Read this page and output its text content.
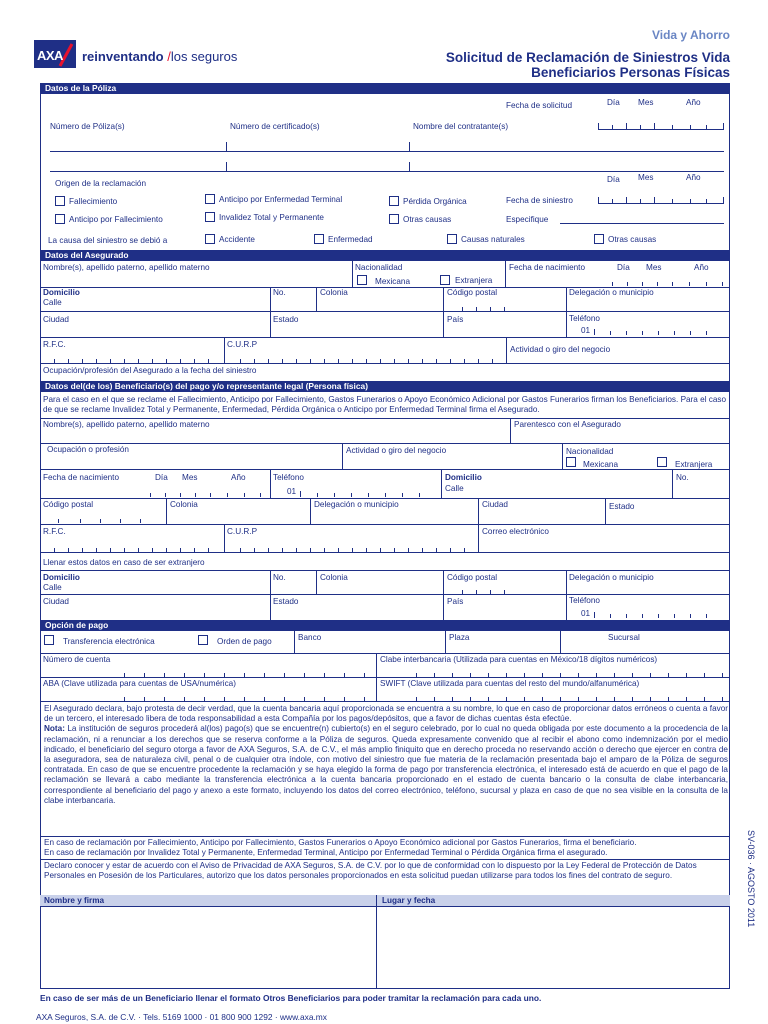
AXA reinventando /los seguros
Vida y Ahorro
Solicitud de Reclamación de Siniestros Vida
Beneficiarios Personas Físicas
Datos de la Póliza
Fecha de solicitud	Día Mes	Año
Número de Póliza(s)	Número de certificado(s)	Nombre del contratante(s)
Origen de la reclamación	Día Mes	Año
Fallecimiento
Anticipo por Fallecimiento
Anticipo por Enfermedad Terminal
Invalidez Total y Permanente
Pérdida Orgánica
Otras causas
Fecha de siniestro
Especifique
La causa del siniestro se debió a	Accidente	Enfermedad	Causas naturales	Otras causas
Datos del Asegurado
Nombre(s), apellido paterno, apellido materno	Nacionalidad
Mexicana	Extranjera
Fecha de nacimiento	Día Mes	Año
Domicilio
Calle
No.	Colonia	Código postal	Delegación o municipio
Ciudad	Estado	País	Teléfono
01
R.F.C.	C.U.R.P
Actividad o giro del negocio
Ocupación/profesión del Asegurado a la fecha del siniestro
Datos del(de los) Beneficiario(s) del pago y/o representante legal (Persona física)
Para el caso en el que se reclame el Fallecimiento, Anticipo por Fallecimiento, Gastos Funerarios o Apoyo Económico Adicional por Gastos Funerarios firman los Beneficiarios. Para el caso de que se reclame Invalidez Total y Permanente, Enfermedad, Pérdida Orgánica o Anticipo por Enfermedad Terminal firma el Asegurado.
Nombre(s), apellido paterno, apellido materno	Parentesco con el Asegurado
Ocupación o profesión	Actividad o giro del negocio	Nacionalidad
Mexicana	Extranjera
Fecha de nacimiento	Día Mes	Año	Teléfono
01
Domicilio
Calle
No.
Código postal	Colonia	Delegación o municipio	Ciudad	Estado
R.F.C.	C.U.R.P	Correo electrónico
Llenar estos datos en caso de ser extranjero
Domicilio
Calle
No.	Colonia	Código postal	Delegación o municipio
Ciudad	Estado	País	Teléfono
01
Opción de pago
Transferencia electrónica	Orden de pago	Banco	Plaza	Sucursal
Número de cuenta	Clabe interbancaria (Utilizada para cuentas en México/18 dígitos numéricos)
ABA (Clave utilizada para cuentas de USA/numérica)	SWIFT (Clave utilizada para cuentas del resto del mundo/alfanumérica)
El Asegurado declara, bajo protesta de decir verdad, que la cuenta bancaria aquí proporcionada se encuentra a su nombre, lo que en caso de proporcionar datos erróneos o cuenta a favor de un tercero, el interesado libera de toda responsabilidad a esta Compañía por los pagos/depósitos, que a favor de dichas cuentas ésta efectúe.
Nota: La institución de seguros procederá al(los) pago(s) que se encuentre(n) cubierto(s) en el seguro celebrado, por lo cual no queda obligada por este documento a la procedencia de la reclamación, ni a renunciar a los derechos que se reserva conforme a la Póliza de seguros. Queda expresamente convenido que al recibir el abono como indemnización por el medio indicado, el beneficiario del seguro otorga a favor de AXA Seguros, S.A. de C.V., el más amplio finiquito que en derecho proceda no reservando acción o derecho que ejercer en contra de la aseguradora, sea de naturaleza civil, penal o de cualquier otra índole, con motivo del siniestro que fue materia de la reclamación presentada bajo el amparo de la Póliza de seguros contratada. En caso de que se encuentre procedente la reclamación y se haya elegido la forma de pago por transferencia electrónica, el interesado está de acuerdo en que el pago de la reclamación se llevará a cabo mediante la transferencia electrónica a la cuenta bancaria proporcionado en el estado de cuenta bancario o la consulta de clabe interbancaria, correspondiente al beneficiario del pago y anexo a este formato, incluyendo los datos del correo electrónico, teléfono, sucursal y plaza en caso de que no sea visible en la consulta de la clabe interbancaria.
En caso de reclamación por Fallecimiento, Anticipo por Fallecimiento, Gastos Funerarios o Apoyo Económico adicional por Gastos Funerarios, firma el beneficiario.
En caso de reclamación por Invalidez Total y Permanente, Enfermedad Terminal, Anticipo por Enfermedad Terminal o Pérdida Orgánica firma el asegurado.
Declaro conocer y estar de acuerdo con el Aviso de Privacidad de AXA Seguros, S.A. de C.V. por lo que de conformidad con lo dispuesto por la Ley Federal de Protección de Datos Personales en Posesión de los Particulares, autorizo que los datos personales proporcionados en esta solicitud puedan utilizarse para todos los fines del contrato de seguro.
Nombre y firma	Lugar y fecha
En caso de ser más de un Beneficiario llenar el formato Otros Beneficiarios para poder tramitar la reclamación para cada uno.
AXA Seguros, S.A. de C.V. · Tels. 5169 1000 · 01 800 900 1292 · www.axa.mx
SV-036 · AGOSTO 2011
